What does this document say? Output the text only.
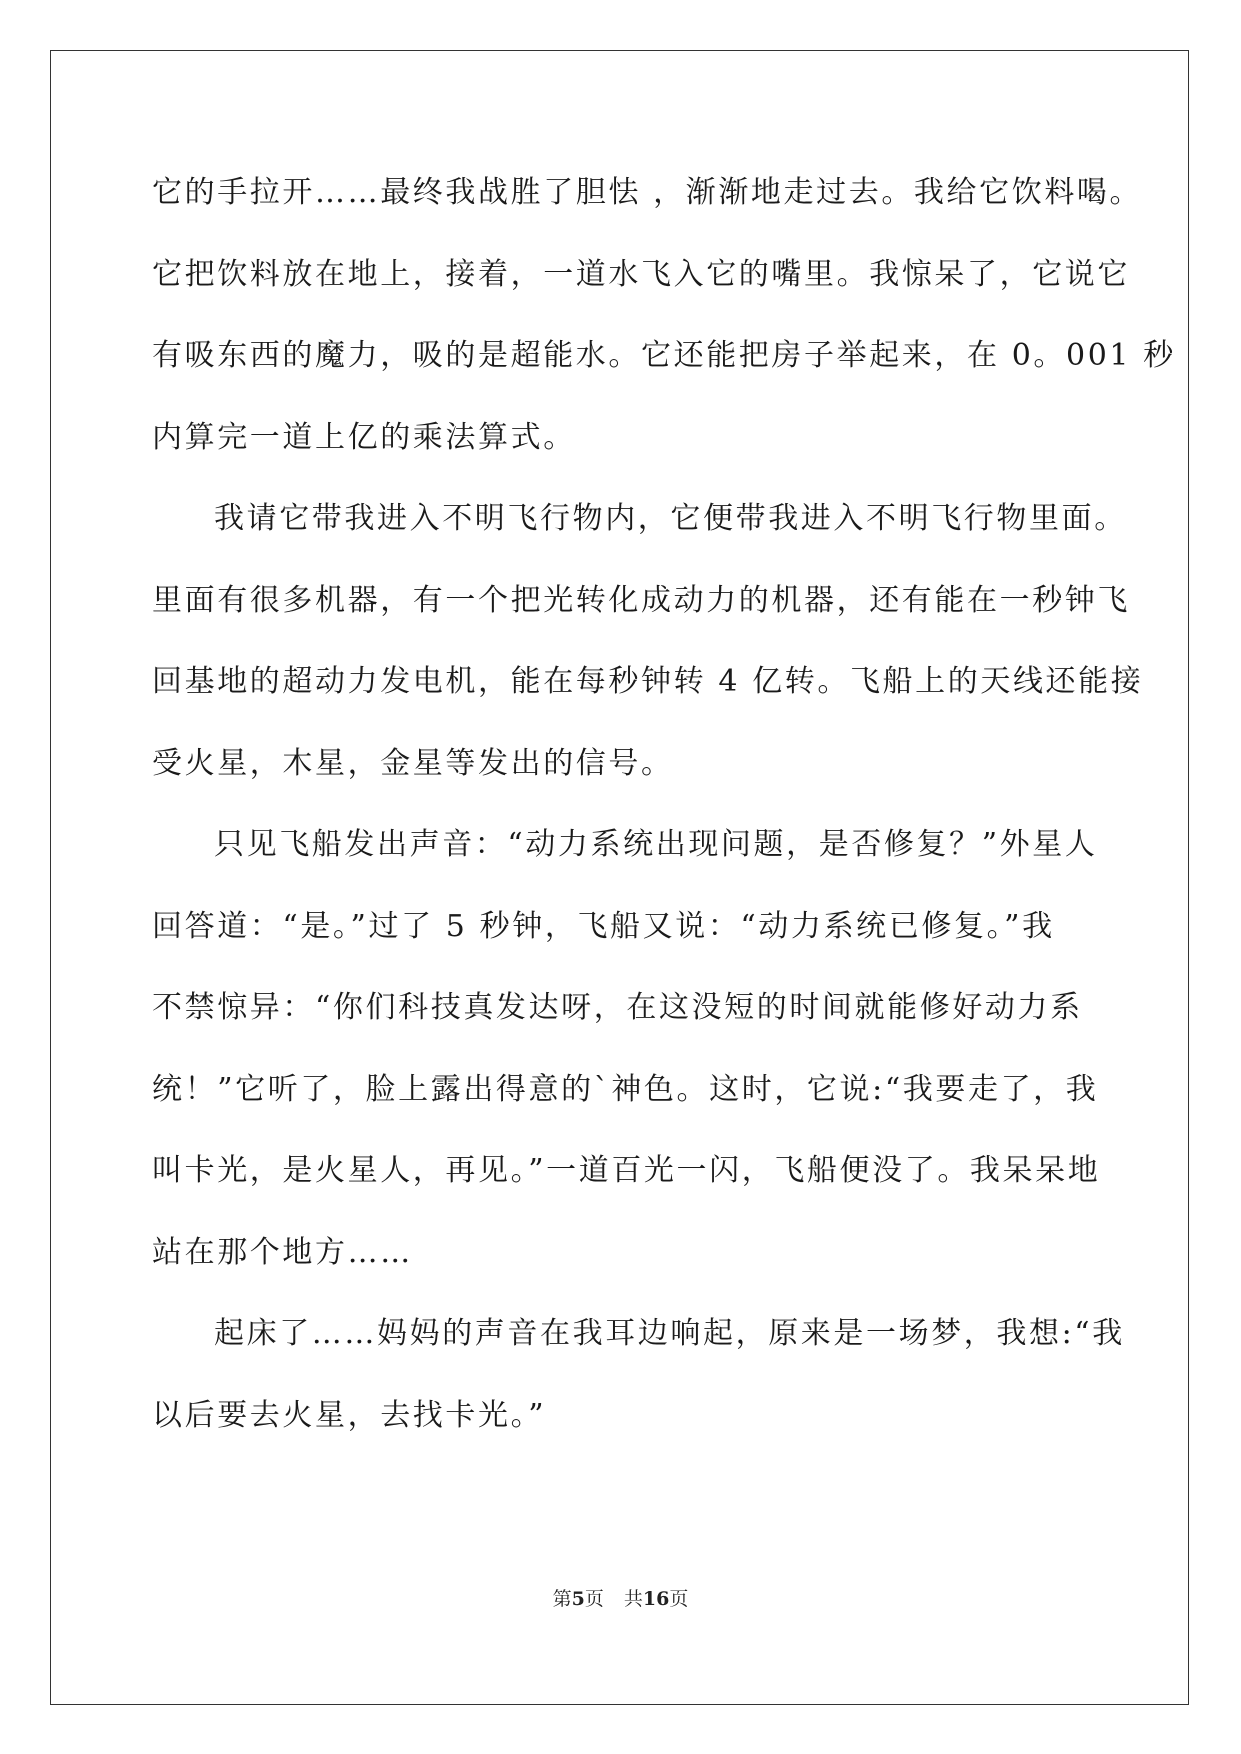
它的手拉开……最终我战胜了胆怯 ，渐渐地走过去。我给它饮料喝。
它把饮料放在地上，接着，一道水飞入它的嘴里。我惊呆了，它说它
有吸东西的魔力，吸的是超能水。它还能把房子举起来，在 0。001 秒
内算完一道上亿的乘法算式。
我请它带我进入不明飞行物内，它便带我进入不明飞行物里面。
里面有很多机器，有一个把光转化成动力的机器，还有能在一秒钟飞
回基地的超动力发电机，能在每秒钟转 4 亿转。飞船上的天线还能接
受火星，木星，金星等发出的信号。
只见飞船发出声音：“动力系统出现问题，是否修复？”外星人
回答道：“是。”过了 5 秒钟，飞船又说：“动力系统已修复。”我
不禁惊异：“你们科技真发达呀，在这没短的时间就能修好动力系
统！”它听了，脸上露出得意的`神色。这时，它说:“我要走了，我
叫卡光，是火星人，再见。”一道百光一闪，飞船便没了。我呆呆地
站在那个地方……
起床了……妈妈的声音在我耳边响起，原来是一场梦，我想:“我
以后要去火星，去找卡光。”
第5页 共16页
